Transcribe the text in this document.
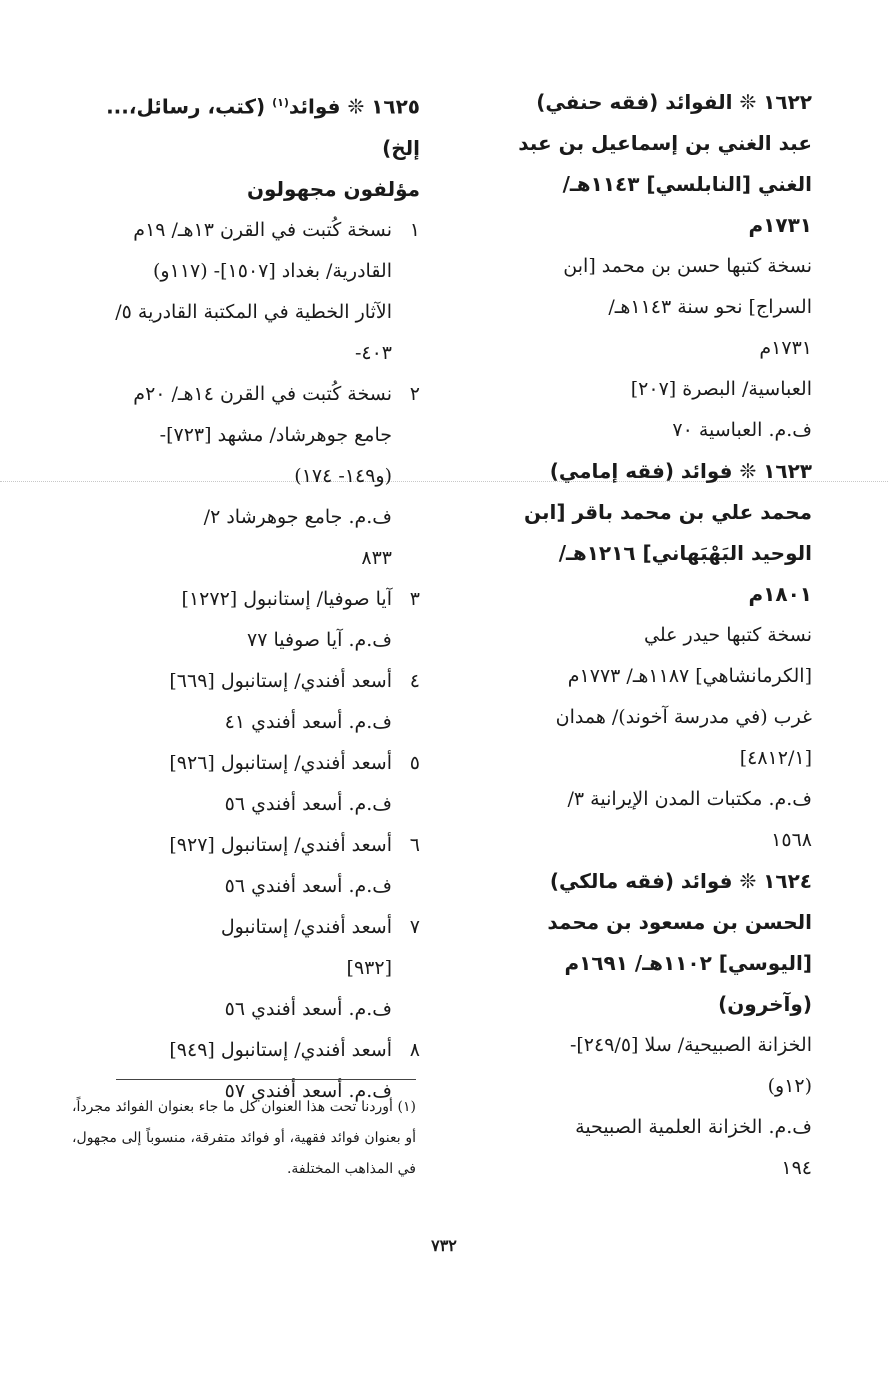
١٦٢٢ ❊ الفوائد (فقه حنفي)
عبد الغني بن إسماعيل بن عبد
الغني [النابلسي] ١١٤٣هـ/
١٧٣١م
نسخة كتبها حسن بن محمد [ابن
السراج] نحو سنة ١١٤٣هـ/
١٧٣١م
العباسية/ البصرة [٢٠٧]
ف.م. العباسية ٧٠
١٦٢٣ ❊ فوائد (فقه إمامي)
محمد علي بن محمد باقر [ابن
الوحيد البَهْبَهاني] ١٢١٦هـ/
١٨٠١م
نسخة كتبها حيدر علي
[الكرمانشاهي] ١١٨٧هـ/ ١٧٧٣م
غرب (في مدرسة آخوند)/ همدان
[٤٨١٢/١]
ف.م. مكتبات المدن الإيرانية ٣/
١٥٦٨
١٦٢٤ ❊ فوائد (فقه مالكي)
الحسن بن مسعود بن محمد
[اليوسي] ١١٠٢هـ/ ١٦٩١م
(وآخرون)
الخزانة الصبيحية/ سلا [٢٤٩/٥]-
(١٢و)
ف.م. الخزانة العلمية الصبيحية
١٩٤
١٦٢٥ ❊ فوائد$^{(١)}$ (كتب، رسائل،...
إلخ)
مؤلفون مجهولون
١
نسخة كُتبت في القرن ١٣هـ/ ١٩م
القادرية/ بغداد [١٥٠٧]- (١١٧و)
الآثار الخطية في المكتبة القادرية ٥/
٤٠٣-
٢
نسخة كُتبت في القرن ١٤هـ/ ٢٠م
جامع جوهرشاد/ مشهد [٧٢٣]-
(و١٤٩- ١٧٤)
ف.م. جامع جوهرشاد ٢/
٨٣٣
٣
آيا صوفيا/ إستانبول [١٢٧٢]
ف.م. آيا صوفيا ٧٧
٤
أسعد أفندي/ إستانبول [٦٦٩]
ف.م. أسعد أفندي ٤١
٥
أسعد أفندي/ إستانبول [٩٢٦]
ف.م. أسعد أفندي ٥٦
٦
أسعد أفندي/ إستانبول [٩٢٧]
ف.م. أسعد أفندي ٥٦
٧
أسعد أفندي/ إستانبول
[٩٣٢]
ف.م. أسعد أفندي ٥٦
٨
أسعد أفندي/ إستانبول [٩٤٩]
ف.م. أسعد أفندي ٥٧
(١) أوردنا تحت هذا العنوان كل ما جاء بعنوان الفوائد مجرداً، أو بعنوان فوائد فقهية، أو فوائد متفرقة، منسوباً إلى مجهول، في المذاهب المختلفة.
٧٣٢
